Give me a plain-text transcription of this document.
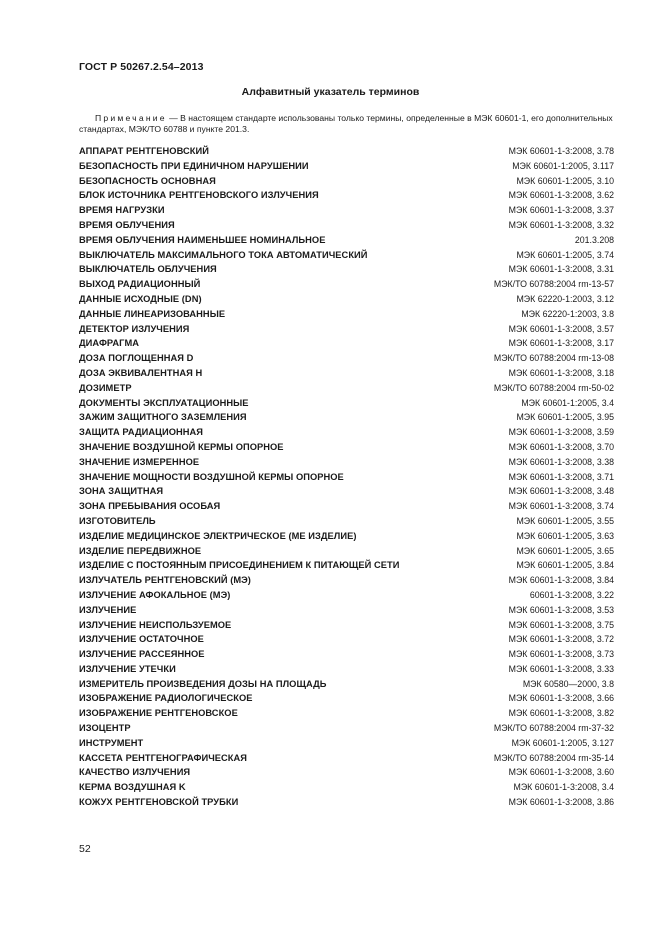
ГОСТ Р 50267.2.54–2013
Алфавитный указатель терминов
Примечание — В настоящем стандарте использованы только термины, определенные в МЭК 60601-1, его дополнительных стандартах, МЭК/ТО 60788 и пункте 201.3.
АППАРАТ РЕНТГЕНОВСКИЙ	МЭК 60601-1-3:2008, 3.78
БЕЗОПАСНОСТЬ ПРИ ЕДИНИЧНОМ НАРУШЕНИИ	МЭК 60601-1:2005, 3.117
БЕЗОПАСНОСТЬ ОСНОВНАЯ	МЭК 60601-1:2005, 3.10
БЛОК ИСТОЧНИКА РЕНТГЕНОВСКОГО ИЗЛУЧЕНИЯ	МЭК 60601-1-3:2008, 3.62
ВРЕМЯ НАГРУЗКИ	МЭК 60601-1-3:2008, 3.37
ВРЕМЯ ОБЛУЧЕНИЯ	МЭК 60601-1-3:2008, 3.32
ВРЕМЯ ОБЛУЧЕНИЯ НАИМЕНЬШЕЕ НОМИНАЛЬНОЕ	201.3.208
ВЫКЛЮЧАТЕЛЬ МАКСИМАЛЬНОГО ТОКА АВТОМАТИЧЕСКИЙ	МЭК 60601-1:2005, 3.74
ВЫКЛЮЧАТЕЛЬ ОБЛУЧЕНИЯ	МЭК 60601-1-3:2008, 3.31
ВЫХОД РАДИАЦИОННЫЙ	МЭК/ТО 60788:2004 rm-13-57
ДАННЫЕ ИСХОДНЫЕ (DN)	МЭК 62220-1:2003, 3.12
ДАННЫЕ ЛИНЕАРИЗОВАННЫЕ	МЭК 62220-1:2003, 3.8
ДЕТЕКТОР ИЗЛУЧЕНИЯ	МЭК 60601-1-3:2008, 3.57
ДИАФРАГМА	МЭК 60601-1-3:2008, 3.17
ДОЗА ПОГЛОЩЕННАЯ D	МЭК/ТО 60788:2004 rm-13-08
ДОЗА ЭКВИВАЛЕНТНАЯ H	МЭК 60601-1-3:2008, 3.18
ДОЗИМЕТР	МЭК/ТО 60788:2004 rm-50-02
ДОКУМЕНТЫ ЭКСПЛУАТАЦИОННЫЕ	МЭК 60601-1:2005, 3.4
ЗАЖИМ ЗАЩИТНОГО ЗАЗЕМЛЕНИЯ	МЭК 60601-1:2005, 3.95
ЗАЩИТА РАДИАЦИОННАЯ	МЭК 60601-1-3:2008, 3.59
ЗНАЧЕНИЕ ВОЗДУШНОЙ КЕРМЫ ОПОРНОЕ	МЭК 60601-1-3:2008, 3.70
ЗНАЧЕНИЕ ИЗМЕРЕННОЕ	МЭК 60601-1-3:2008, 3.38
ЗНАЧЕНИЕ МОЩНОСТИ ВОЗДУШНОЙ КЕРМЫ ОПОРНОЕ	МЭК 60601-1-3:2008, 3.71
ЗОНА ЗАЩИТНАЯ	МЭК 60601-1-3:2008, 3.48
ЗОНА ПРЕБЫВАНИЯ ОСОБАЯ	МЭК 60601-1-3:2008, 3.74
ИЗГОТОВИТЕЛЬ	МЭК 60601-1:2005, 3.55
ИЗДЕЛИЕ МЕДИЦИНСКОЕ ЭЛЕКТРИЧЕСКОЕ (МЕ ИЗДЕЛИЕ)	МЭК 60601-1:2005, 3.63
ИЗДЕЛИЕ ПЕРЕДВИЖНОЕ	МЭК 60601-1:2005, 3.65
ИЗДЕЛИЕ С ПОСТОЯННЫМ ПРИСОЕДИНЕНИЕМ К ПИТАЮЩЕЙ СЕТИ	МЭК 60601-1:2005, 3.84
ИЗЛУЧАТЕЛЬ РЕНТГЕНОВСКИЙ (МЭ)	МЭК 60601-1-3:2008, 3.84
ИЗЛУЧЕНИЕ АФОКАЛЬНОЕ (МЭ)	60601-1-3:2008, 3.22
ИЗЛУЧЕНИЕ	МЭК 60601-1-3:2008, 3.53
ИЗЛУЧЕНИЕ НЕИСПОЛЬЗУЕМОЕ	МЭК 60601-1-3:2008, 3.75
ИЗЛУЧЕНИЕ ОСТАТОЧНОЕ	МЭК 60601-1-3:2008, 3.72
ИЗЛУЧЕНИЕ РАССЕЯННОЕ	МЭК 60601-1-3:2008, 3.73
ИЗЛУЧЕНИЕ УТЕЧКИ	МЭК 60601-1-3:2008, 3.33
ИЗМЕРИТЕЛЬ ПРОИЗВЕДЕНИЯ ДОЗЫ НА ПЛОЩАДЬ	МЭК 60580—2000, 3.8
ИЗОБРАЖЕНИЕ РАДИОЛОГИЧЕСКОЕ	МЭК 60601-1-3:2008, 3.66
ИЗОБРАЖЕНИЕ РЕНТГЕНОВСКОЕ	МЭК 60601-1-3:2008, 3.82
ИЗОЦЕНТР	МЭК/ТО 60788:2004 rm-37-32
ИНСТРУМЕНТ	МЭК 60601-1:2005, 3.127
КАССЕТА РЕНТГЕНОГРАФИЧЕСКАЯ	МЭК/ТО 60788:2004 rm-35-14
КАЧЕСТВО ИЗЛУЧЕНИЯ	МЭК 60601-1-3:2008, 3.60
КЕРМА ВОЗДУШНАЯ K	МЭК 60601-1-3:2008, 3.4
КОЖУХ РЕНТГЕНОВСКОЙ ТРУБКИ	МЭК 60601-1-3:2008, 3.86
52
